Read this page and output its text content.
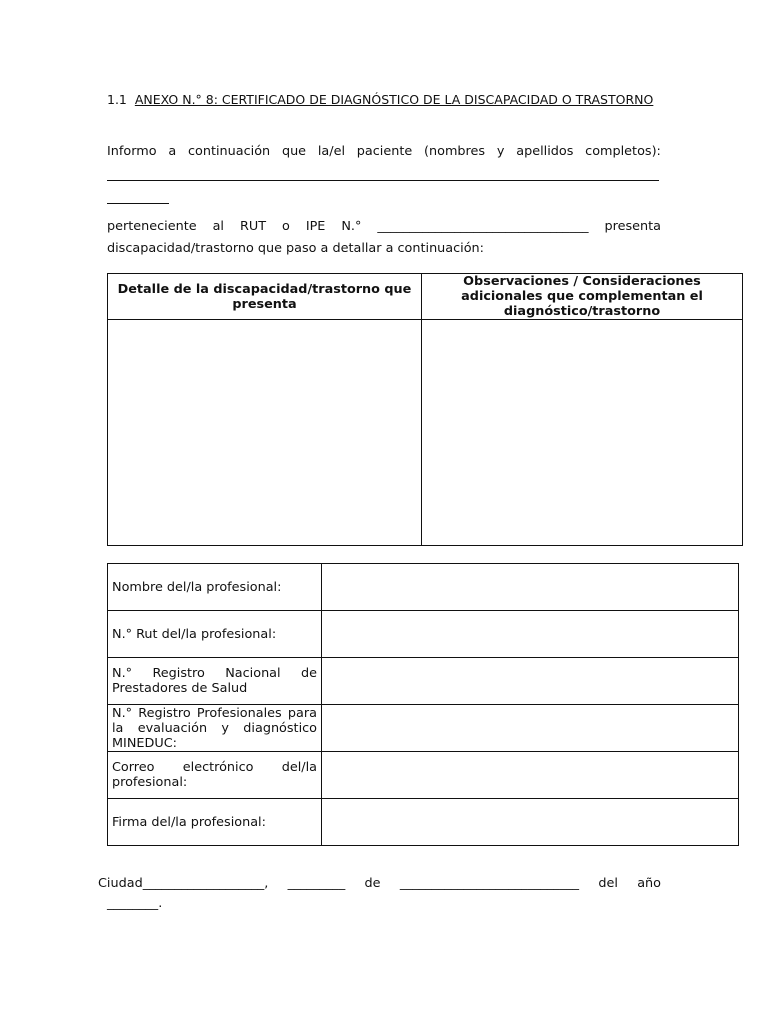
1.1 ANEXO N.° 8: CERTIFICADO DE DIAGNÓSTICO DE LA DISCAPACIDAD O TRASTORNO
Informo a continuación que la/el paciente (nombres y apellidos completos):
perteneciente al RUT o IPE N.° _________________________________ presenta
discapacidad/trastorno que paso a detallar a continuación:
Detalle de la discapacidad/trastorno que presenta	Observaciones / Consideraciones adicionales que complementan el diagnóstico/trastorno

Nombre del/la profesional:	
N.° Rut del/la profesional:	
N.° Registro Nacional de Prestadores de Salud	
N.° Registro Profesionales para la evaluación y diagnóstico MINEDUC:	
Correo electrónico del/la profesional:	
Firma del/la profesional:	
Ciudad___________________, _________ de ____________________________ del año
________.
